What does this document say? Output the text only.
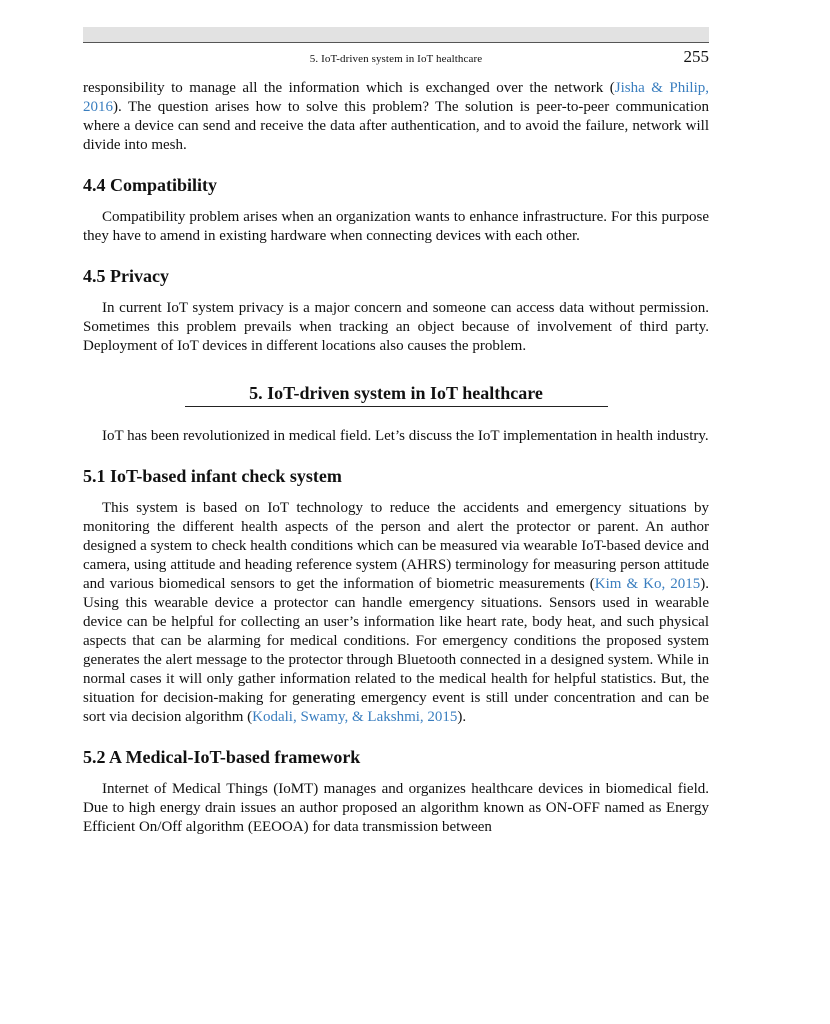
5. IoT-driven system in IoT healthcare	255

responsibility to manage all the information which is exchanged over the network (Jisha & Philip, 2016). The question arises how to solve this problem? The solution is peer-to-peer communication where a device can send and receive the data after authentication, and to avoid the failure, network will divide into mesh.

4.4 Compatibility

Compatibility problem arises when an organization wants to enhance infrastructure. For this purpose they have to amend in existing hardware when connecting devices with each other.

4.5 Privacy

In current IoT system privacy is a major concern and someone can access data without permission. Sometimes this problem prevails when tracking an object because of involvement of third party. Deployment of IoT devices in different locations also causes the problem.

5. IoT-driven system in IoT healthcare

IoT has been revolutionized in medical field. Let’s discuss the IoT implementation in health industry.

5.1 IoT-based infant check system

This system is based on IoT technology to reduce the accidents and emergency situations by monitoring the different health aspects of the person and alert the protector or parent. An author designed a system to check health conditions which can be measured via wearable IoT-based device and camera, using attitude and heading reference system (AHRS) terminology for measuring person attitude and various biomedical sensors to get the information of biometric measurements (Kim & Ko, 2015). Using this wearable device a protector can handle emergency situations. Sensors used in wearable device can be helpful for collecting an user’s information like heart rate, body heat, and such physical aspects that can be alarming for medical conditions. For emergency conditions the proposed system generates the alert message to the protector through Bluetooth connected in a designed system. While in normal cases it will only gather information related to the medical health for helpful statistics. But, the situation for decision-making for generating emergency event is still under concentration and can be sort via decision algorithm (Kodali, Swamy, & Lakshmi, 2015).

5.2 A Medical-IoT-based framework

Internet of Medical Things (IoMT) manages and organizes healthcare devices in biomedical field. Due to high energy drain issues an author proposed an algorithm known as ON-OFF named as Energy Efficient On/Off algorithm (EEOOA) for data transmission between
